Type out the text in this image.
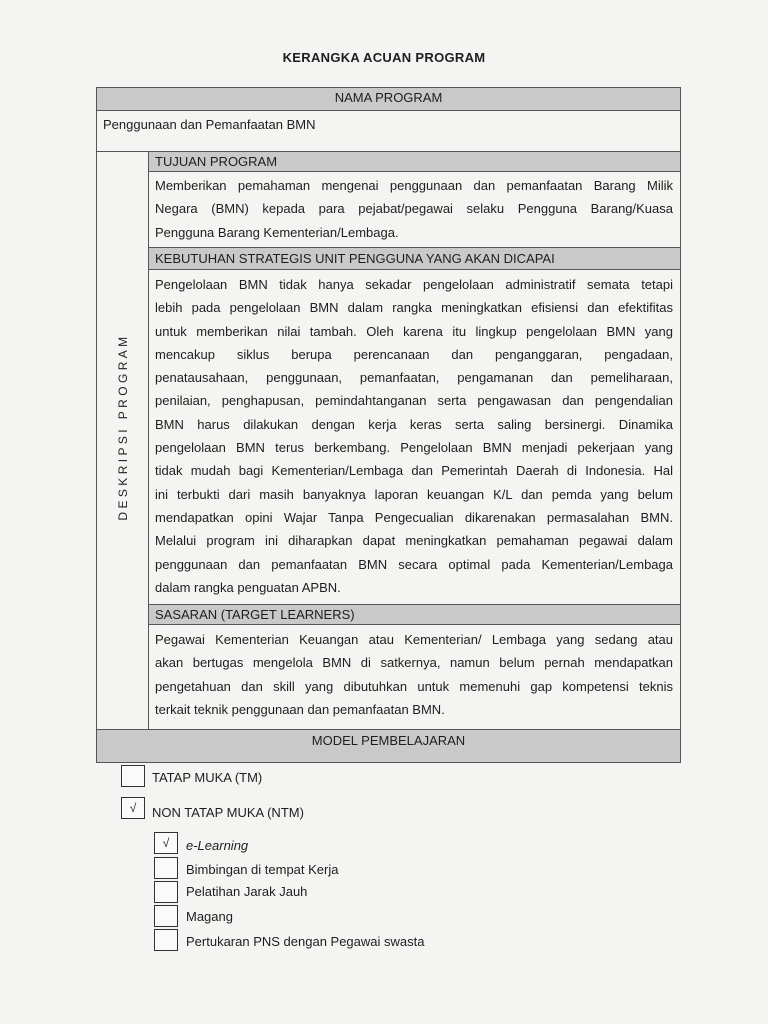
KERANGKA ACUAN PROGRAM
NAMA PROGRAM
Penggunaan dan Pemanfaatan BMN
DESKRIPSI PROGRAM
TUJUAN PROGRAM
Memberikan pemahaman mengenai penggunaan dan pemanfaatan Barang Milik
Negara (BMN) kepada para pejabat/pegawai selaku Pengguna Barang/Kuasa
Pengguna Barang Kementerian/Lembaga.
KEBUTUHAN STRATEGIS UNIT PENGGUNA YANG AKAN DICAPAI
Pengelolaan BMN tidak hanya sekadar pengelolaan administratif semata tetapi
lebih pada pengelolaan BMN dalam rangka meningkatkan efisiensi dan efektifitas
untuk memberikan nilai tambah. Oleh karena itu lingkup pengelolaan BMN yang
mencakup siklus berupa perencanaan dan penganggaran, pengadaan,
penatausahaan, penggunaan, pemanfaatan, pengamanan dan pemeliharaan,
penilaian, penghapusan, pemindahtanganan serta pengawasan dan pengendalian
BMN harus dilakukan dengan kerja keras serta saling bersinergi. Dinamika
pengelolaan BMN terus berkembang. Pengelolaan BMN menjadi pekerjaan yang
tidak mudah bagi Kementerian/Lembaga dan Pemerintah Daerah di Indonesia. Hal
ini terbukti dari masih banyaknya laporan keuangan K/L dan pemda yang belum
mendapatkan opini Wajar Tanpa Pengecualian dikarenakan permasalahan BMN.
Melalui program ini diharapkan dapat meningkatkan pemahaman pegawai dalam
penggunaan dan pemanfaatan BMN secara optimal pada Kementerian/Lembaga
dalam rangka penguatan APBN.
SASARAN (TARGET LEARNERS)
Pegawai Kementerian Keuangan atau Kementerian/ Lembaga yang sedang atau
akan bertugas mengelola BMN di satkernya, namun belum pernah mendapatkan
pengetahuan dan skill yang dibutuhkan untuk memenuhi gap kompetensi teknis
terkait teknik penggunaan dan pemanfaatan BMN.
MODEL PEMBELAJARAN
TATAP MUKA (TM)
√	NON TATAP MUKA (NTM)
√	e-Learning
Bimbingan di tempat Kerja
Pelatihan Jarak Jauh
Magang
Pertukaran PNS dengan Pegawai swasta
